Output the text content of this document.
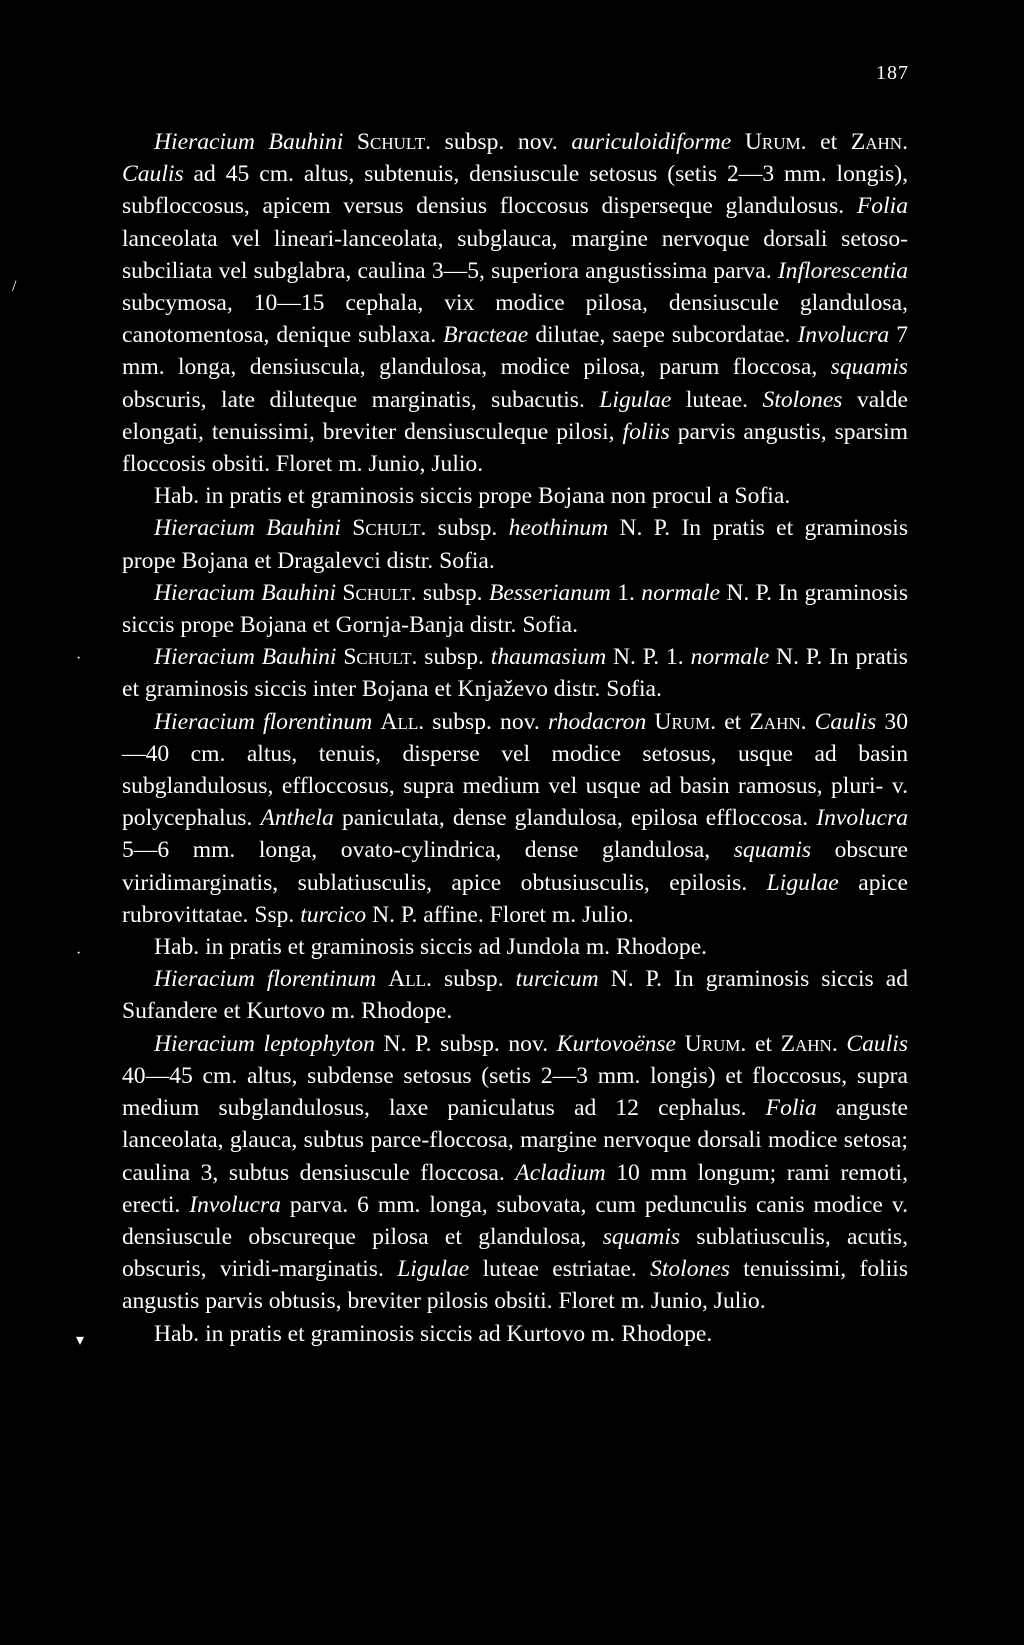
187

Hieracium Bauhini Schult. subsp. nov. auriculoidiforme Urum. et Zahn. Caulis ad 45 cm. altus, subtenuis, densiuscule setosus (setis 2—3 mm. longis), subfloccosus, apicem versus densius floccosus disperseque glandulosus. Folia lanceolata vel lineari-lanceolata, subglauca, margine nervoque dorsali setoso-subciliata vel subglabra, caulina 3—5, superiora angustissima parva. Inflorescentia subcymosa, 10—15 cephala, vix modice pilosa, densiuscule glandulosa, canotomentosa, denique sublaxa. Bracteae dilutae, saepe subcordatae. Involucra 7 mm. longa, densiuscula, glandulosa, modice pilosa, parum floccosa, squamis obscuris, late diluteque marginatis, subacutis. Ligulae luteae. Stolones valde elongati, tenuissimi, breviter densiusculeque pilosi, foliis parvis angustis, sparsim floccosis obsiti. Floret m. Junio, Julio.

Hab. in pratis et graminosis siccis prope Bojana non procul a Sofia.

Hieracium Bauhini Schult. subsp. heothinum N. P. In pratis et graminosis prope Bojana et Dragalevci distr. Sofia.

Hieracium Bauhini Schult. subsp. Besserianum 1. normale N. P. In graminosis siccis prope Bojana et Gornja-Banja distr. Sofia.

Hieracium Bauhini Schult. subsp. thaumasium N. P. 1. normale N. P. In pratis et graminosis siccis inter Bojana et Knjaževo distr. Sofia.

Hieracium florentinum All. subsp. nov. rhodacron Urum. et Zahn. Caulis 30—40 cm. altus, tenuis, disperse vel modice setosus, usque ad basin subglandulosus, effloccosus, supra medium vel usque ad basin ramosus, pluri- v. polycephalus. Anthela paniculata, dense glandulosa, epilosa effloccosa. Involucra 5—6 mm. longa, ovato-cylindrica, dense glandulosa, squamis obscure viridimarginatis, sublatiusculis, apice obtusiusculis, epilosis. Ligulae apice rubrovittatae. Ssp. turcico N. P. affine. Floret m. Julio.

Hab. in pratis et graminosis siccis ad Jundola m. Rhodope.

Hieracium florentinum All. subsp. turcicum N. P. In graminosis siccis ad Sufandere et Kurtovo m. Rhodope.

Hieracium leptophyton N. P. subsp. nov. Kurtovoënse Urum. et Zahn. Caulis 40—45 cm. altus, subdense setosus (setis 2—3 mm. longis) et floccosus, supra medium subglandulosus, laxe paniculatus ad 12 cephalus. Folia anguste lanceolata, glauca, subtus parce-floccosa, margine nervoque dorsali modice setosa; caulina 3, subtus densiuscule floccosa. Acladium 10 mm longum; rami remoti, erecti. Involucra parva. 6 mm. longa, subovata, cum pedunculis canis modice v. densiuscule obscureque pilosa et glandulosa, squamis sublatiusculis, acutis, obscuris, viridi-marginatis. Ligulae luteae estriatae. Stolones tenuissimi, foliis angustis parvis obtusis, breviter pilosis obsiti. Floret m. Junio, Julio.

Hab. in pratis et graminosis siccis ad Kurtovo m. Rhodope.

/
·
·
▾
